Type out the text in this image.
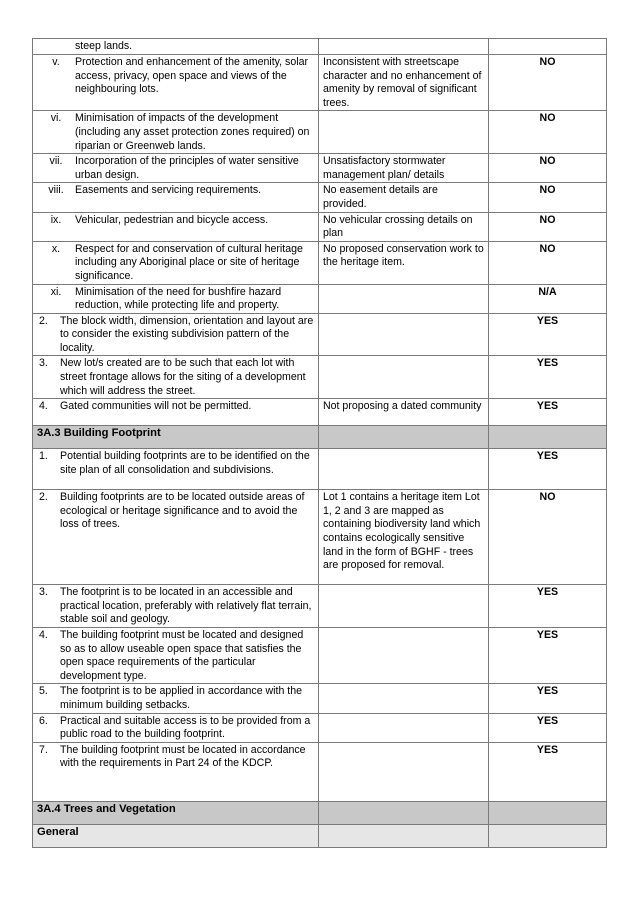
steep lands.		

v. Protection and enhancement of the amenity, solar access, privacy, open space and views of the neighbouring lots.	Inconsistent with streetscape character and no enhancement of amenity by removal of significant trees.	NO

vi. Minimisation of impacts of the development (including any asset protection zones required) on riparian or Greenweb lands.		NO

vii. Incorporation of the principles of water sensitive urban design.	Unsatisfactory stormwater management plan/ details	NO

viii. Easements and servicing requirements.	No easement details are provided.	NO

ix. Vehicular, pedestrian and bicycle access.	No vehicular crossing details on plan	NO

x. Respect for and conservation of cultural heritage including any Aboriginal place or site of heritage significance.	No proposed conservation work to the heritage item.	NO

xi. Minimisation of the need for bushfire hazard reduction, while protecting life and property.		N/A

2. The block width, dimension, orientation and layout are to consider the existing subdivision pattern of the locality.		YES

3. New lot/s created are to be such that each lot with street frontage allows for the siting of a development which will address the street.		YES

4. Gated communities will not be permitted.	Not proposing a dated community	YES
3A.3 Building Footprint		

1. Potential building footprints are to be identified on the site plan of all consolidation and subdivisions.		YES

2. Building footprints are to be located outside areas of ecological or heritage significance and to avoid the loss of trees.	Lot 1 contains a heritage item Lot 1, 2 and 3 are mapped as containing biodiversity land which contains ecologically sensitive land in the form of BGHF - trees are proposed for removal.	NO

3. The footprint is to be located in an accessible and practical location, preferably with relatively flat terrain, stable soil and geology.		YES

4. The building footprint must be located and designed so as to allow useable open space that satisfies the open space requirements of the particular development type.		YES

5. The footprint is to be applied in accordance with the minimum building setbacks.		YES

6. Practical and suitable access is to be provided from a public road to the building footprint.		YES

7. The building footprint must be located in accordance with the requirements in Part 24 of the KDCP.		YES
3A.4 Trees and Vegetation		
General		
